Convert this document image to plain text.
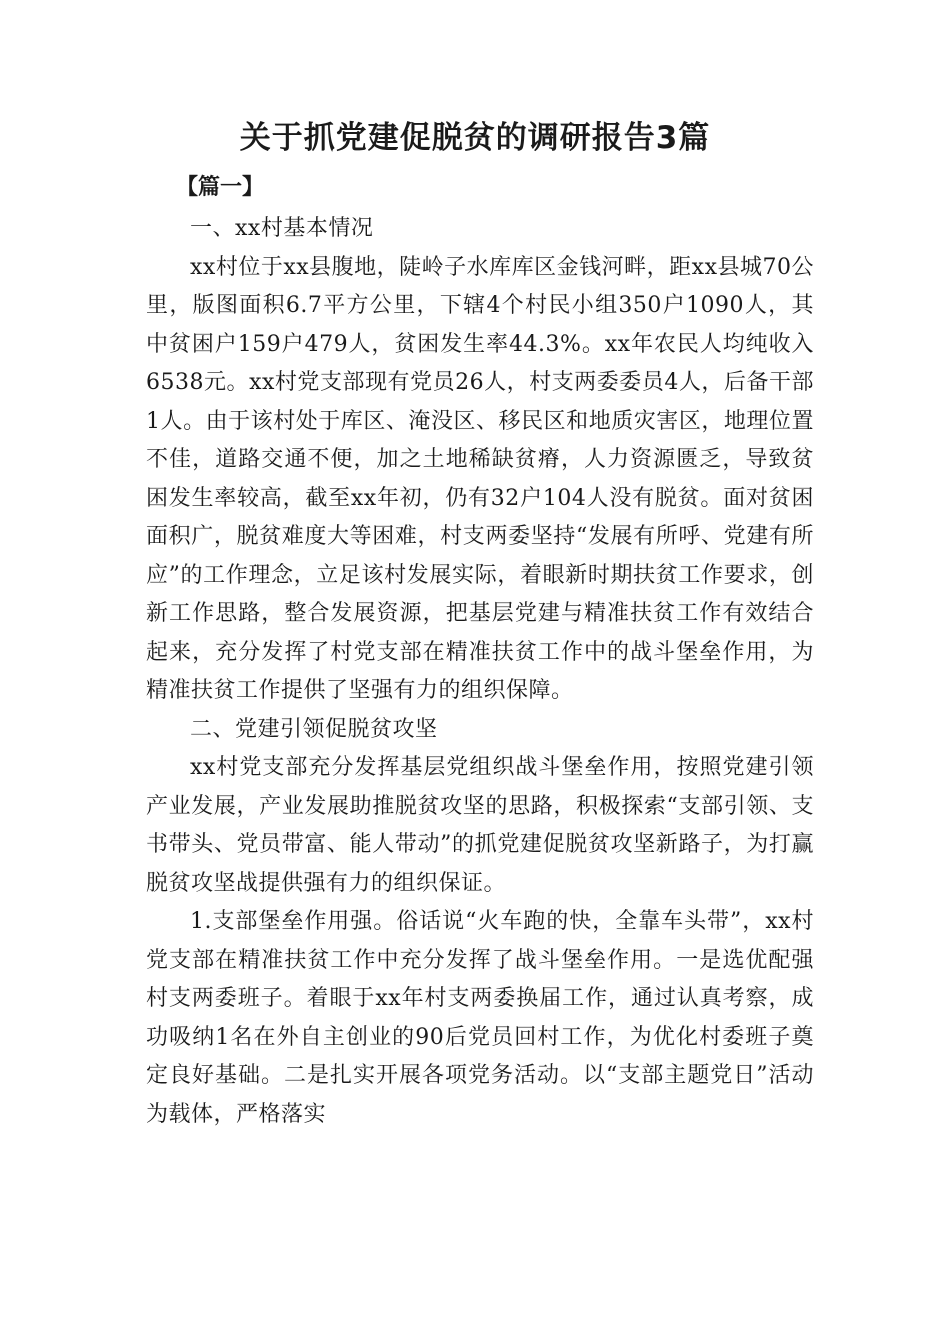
关于抓党建促脱贫的调研报告3篇
【篇一】

一、xx村基本情况

xx村位于xx县腹地，陡岭子水库库区金钱河畔，距xx县城70公里，版图面积6.7平方公里，下辖4个村民小组350户1090人，其中贫困户159户479人，贫困发生率44.3%。xx年农民人均纯收入6538元。xx村党支部现有党员26人，村支两委委员4人，后备干部1人。由于该村处于库区、淹没区、移民区和地质灾害区，地理位置不佳，道路交通不便，加之土地稀缺贫瘠，人力资源匮乏，导致贫困发生率较高，截至xx年初，仍有32户104人没有脱贫。面对贫困面积广，脱贫难度大等困难，村支两委坚持“发展有所呼、党建有所应”的工作理念，立足该村发展实际，着眼新时期扶贫工作要求，创新工作思路，整合发展资源，把基层党建与精准扶贫工作有效结合起来，充分发挥了村党支部在精准扶贫工作中的战斗堡垒作用，为精准扶贫工作提供了坚强有力的组织保障。

二、党建引领促脱贫攻坚

xx村党支部充分发挥基层党组织战斗堡垒作用，按照党建引领产业发展，产业发展助推脱贫攻坚的思路，积极探索“支部引领、支书带头、党员带富、能人带动”的抓党建促脱贫攻坚新路子，为打赢脱贫攻坚战提供强有力的组织保证。

1.支部堡垒作用强。俗话说“火车跑的快，全靠车头带”，xx村党支部在精准扶贫工作中充分发挥了战斗堡垒作用。一是选优配强村支两委班子。着眼于xx年村支两委换届工作，通过认真考察，成功吸纳1名在外自主创业的90后党员回村工作，为优化村委班子奠定良好基础。二是扎实开展各项党务活动。以“支部主题党日”活动为载体，严格落实
